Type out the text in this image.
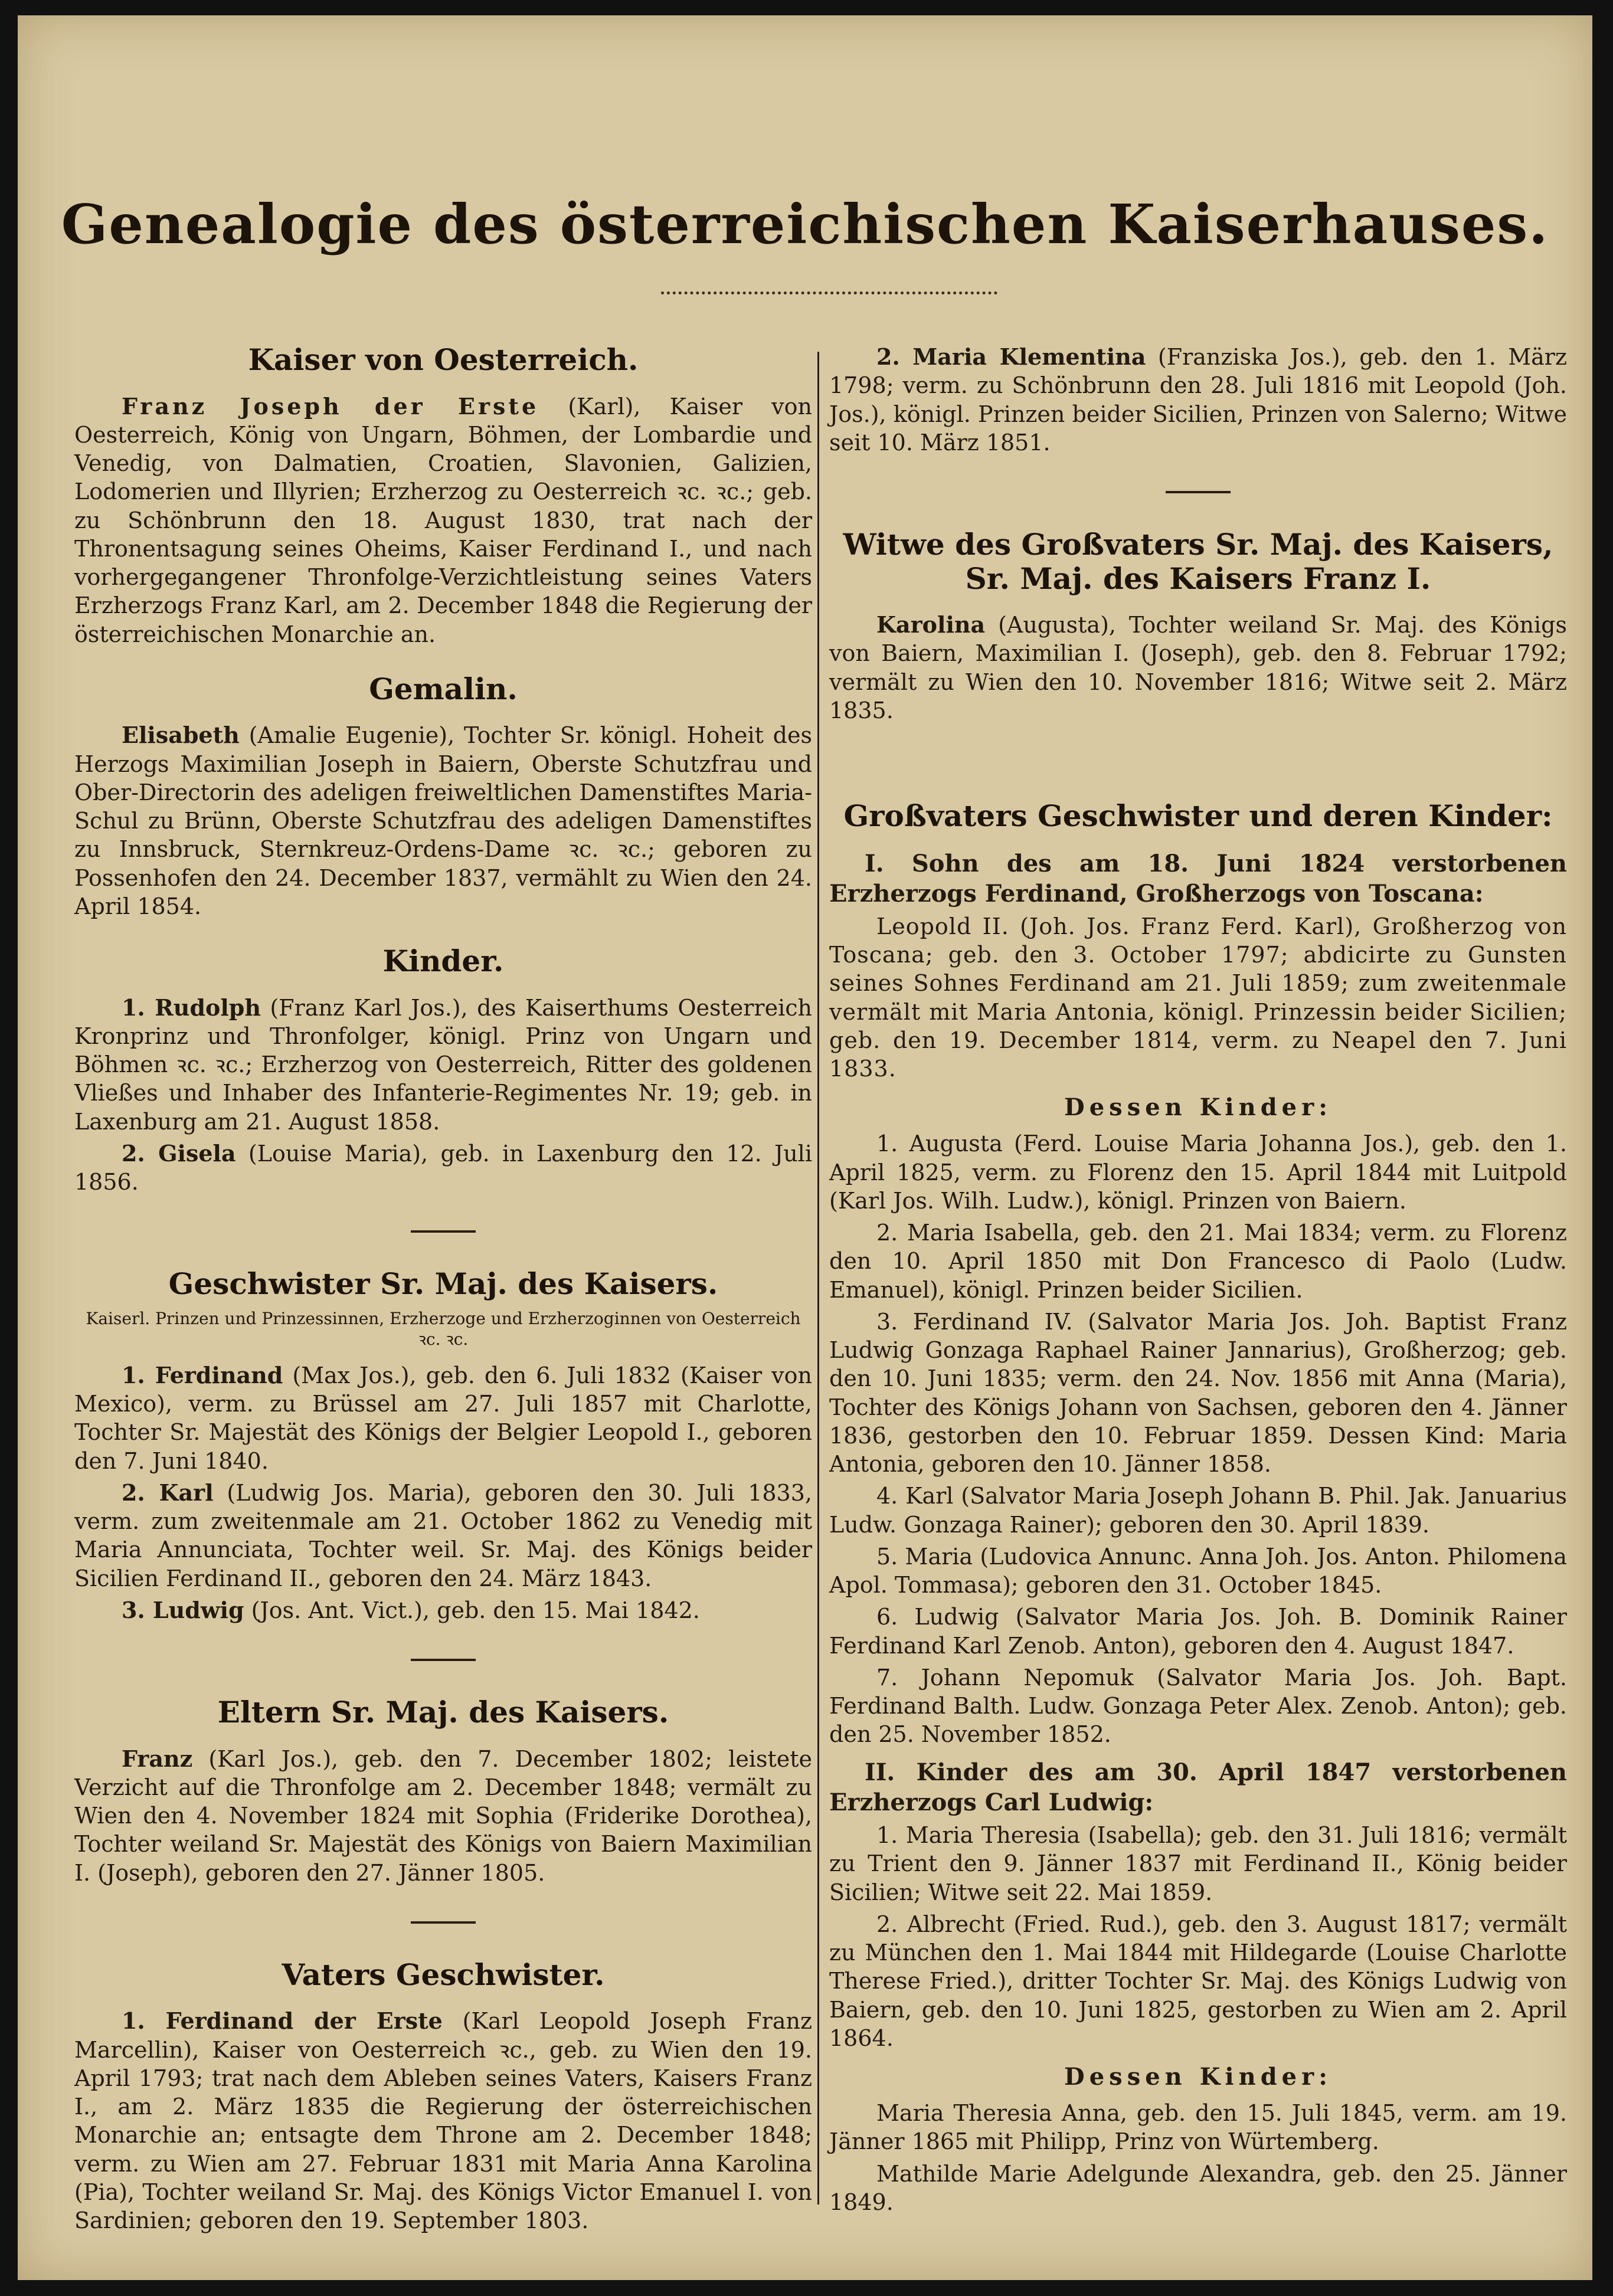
Genealogie des österreichischen Kaiserhauses.
Kaiser von Oesterreich.

Franz Joseph der Erste (Karl), Kaiser von Oesterreich, König von Ungarn, Böhmen, der Lombardie und Venedig, von Dalmatien, Croatien, Slavonien, Galizien, Lodomerien und Illyrien; Erzherzog zu Oesterreich ꝛc. ꝛc.; geb. zu Schönbrunn den 18. August 1830, trat nach der Thronentsagung seines Oheims, Kaiser Ferdinand I., und nach vorhergegangener Thronfolge-Verzichtleistung seines Vaters Erzherzogs Franz Karl, am 2. December 1848 die Regierung der österreichischen Monarchie an.

Gemalin.

Elisabeth (Amalie Eugenie), Tochter Sr. königl. Hoheit des Herzogs Maximilian Joseph in Baiern, Oberste Schutzfrau und Ober-Directorin des adeligen freiweltlichen Damenstiftes Maria-Schul zu Brünn, Oberste Schutzfrau des adeligen Damenstiftes zu Innsbruck, Sternkreuz-Ordens-Dame ꝛc. ꝛc.; geboren zu Possenhofen den 24. December 1837, vermählt zu Wien den 24. April 1854.

Kinder.

1. Rudolph (Franz Karl Jos.), des Kaiserthums Oesterreich Kronprinz und Thronfolger, königl. Prinz von Ungarn und Böhmen ꝛc. ꝛc.; Erzherzog von Oesterreich, Ritter des goldenen Vließes und Inhaber des Infanterie-Regimentes Nr. 19; geb. in Laxenburg am 21. August 1858.

2. Gisela (Louise Maria), geb. in Laxenburg den 12. Juli 1856.

Geschwister Sr. Maj. des Kaisers.
Kaiserl. Prinzen und Prinzessinnen, Erzherzoge und Erzherzoginnen von Oesterreich ꝛc. ꝛc.

1. Ferdinand (Max Jos.), geb. den 6. Juli 1832 (Kaiser von Mexico), verm. zu Brüssel am 27. Juli 1857 mit Charlotte, Tochter Sr. Majestät des Königs der Belgier Leopold I., geboren den 7. Juni 1840.

2. Karl (Ludwig Jos. Maria), geboren den 30. Juli 1833, verm. zum zweitenmale am 21. October 1862 zu Venedig mit Maria Annunciata, Tochter weil. Sr. Maj. des Königs beider Sicilien Ferdinand II., geboren den 24. März 1843.

3. Ludwig (Jos. Ant. Vict.), geb. den 15. Mai 1842.

Eltern Sr. Maj. des Kaisers.

Franz (Karl Jos.), geb. den 7. December 1802; leistete Verzicht auf die Thronfolge am 2. December 1848; vermält zu Wien den 4. November 1824 mit Sophia (Friderike Dorothea), Tochter weiland Sr. Majestät des Königs von Baiern Maximilian I. (Joseph), geboren den 27. Jänner 1805.

Vaters Geschwister.

1. Ferdinand der Erste (Karl Leopold Joseph Franz Marcellin), Kaiser von Oesterreich ꝛc., geb. zu Wien den 19. April 1793; trat nach dem Ableben seines Vaters, Kaisers Franz I., am 2. März 1835 die Regierung der österreichischen Monarchie an; entsagte dem Throne am 2. December 1848; verm. zu Wien am 27. Februar 1831 mit Maria Anna Karolina (Pia), Tochter weiland Sr. Maj. des Königs Victor Emanuel I. von Sardinien; geboren den 19. September 1803.

2. Maria Klementina (Franziska Jos.), geb. den 1. März 1798; verm. zu Schönbrunn den 28. Juli 1816 mit Leopold (Joh. Jos.), königl. Prinzen beider Sicilien, Prinzen von Salerno; Witwe seit 10. März 1851.

Witwe des Großvaters Sr. Maj. des Kaisers, Sr. Maj. des Kaisers Franz I.

Karolina (Augusta), Tochter weiland Sr. Maj. des Königs von Baiern, Maximilian I. (Joseph), geb. den 8. Februar 1792; vermält zu Wien den 10. November 1816; Witwe seit 2. März 1835.

Großvaters Geschwister und deren Kinder:

I. Sohn des am 18. Juni 1824 verstorbenen Erzherzogs Ferdinand, Großherzogs von Toscana:

Leopold II. (Joh. Jos. Franz Ferd. Karl), Großherzog von Toscana; geb. den 3. October 1797; abdicirte zu Gunsten seines Sohnes Ferdinand am 21. Juli 1859; zum zweitenmale vermält mit Maria Antonia, königl. Prinzessin beider Sicilien; geb. den 19. December 1814, verm. zu Neapel den 7. Juni 1833.

Dessen Kinder:

1. Augusta (Ferd. Louise Maria Johanna Jos.), geb. den 1. April 1825, verm. zu Florenz den 15. April 1844 mit Luitpold (Karl Jos. Wilh. Ludw.), königl. Prinzen von Baiern.

2. Maria Isabella, geb. den 21. Mai 1834; verm. zu Florenz den 10. April 1850 mit Don Francesco di Paolo (Ludw. Emanuel), königl. Prinzen beider Sicilien.

3. Ferdinand IV. (Salvator Maria Jos. Joh. Baptist Franz Ludwig Gonzaga Raphael Rainer Jannarius), Großherzog; geb. den 10. Juni 1835; verm. den 24. Nov. 1856 mit Anna (Maria), Tochter des Königs Johann von Sachsen, geboren den 4. Jänner 1836, gestorben den 10. Februar 1859. Dessen Kind: Maria Antonia, geboren den 10. Jänner 1858.

4. Karl (Salvator Maria Joseph Johann B. Phil. Jak. Januarius Ludw. Gonzaga Rainer); geboren den 30. April 1839.

5. Maria (Ludovica Annunc. Anna Joh. Jos. Anton. Philomena Apol. Tommasa); geboren den 31. October 1845.

6. Ludwig (Salvator Maria Jos. Joh. B. Dominik Rainer Ferdinand Karl Zenob. Anton), geboren den 4. August 1847.

7. Johann Nepomuk (Salvator Maria Jos. Joh. Bapt. Ferdinand Balth. Ludw. Gonzaga Peter Alex. Zenob. Anton); geb. den 25. November 1852.

II. Kinder des am 30. April 1847 verstorbenen Erzherzogs Carl Ludwig:

1. Maria Theresia (Isabella); geb. den 31. Juli 1816; vermält zu Trient den 9. Jänner 1837 mit Ferdinand II., König beider Sicilien; Witwe seit 22. Mai 1859.

2. Albrecht (Fried. Rud.), geb. den 3. August 1817; vermält zu München den 1. Mai 1844 mit Hildegarde (Louise Charlotte Therese Fried.), dritter Tochter Sr. Maj. des Königs Ludwig von Baiern, geb. den 10. Juni 1825, gestorben zu Wien am 2. April 1864.

Dessen Kinder:

Maria Theresia Anna, geb. den 15. Juli 1845, verm. am 19. Jänner 1865 mit Philipp, Prinz von Würtemberg.

Mathilde Marie Adelgunde Alexandra, geb. den 25. Jänner 1849.
